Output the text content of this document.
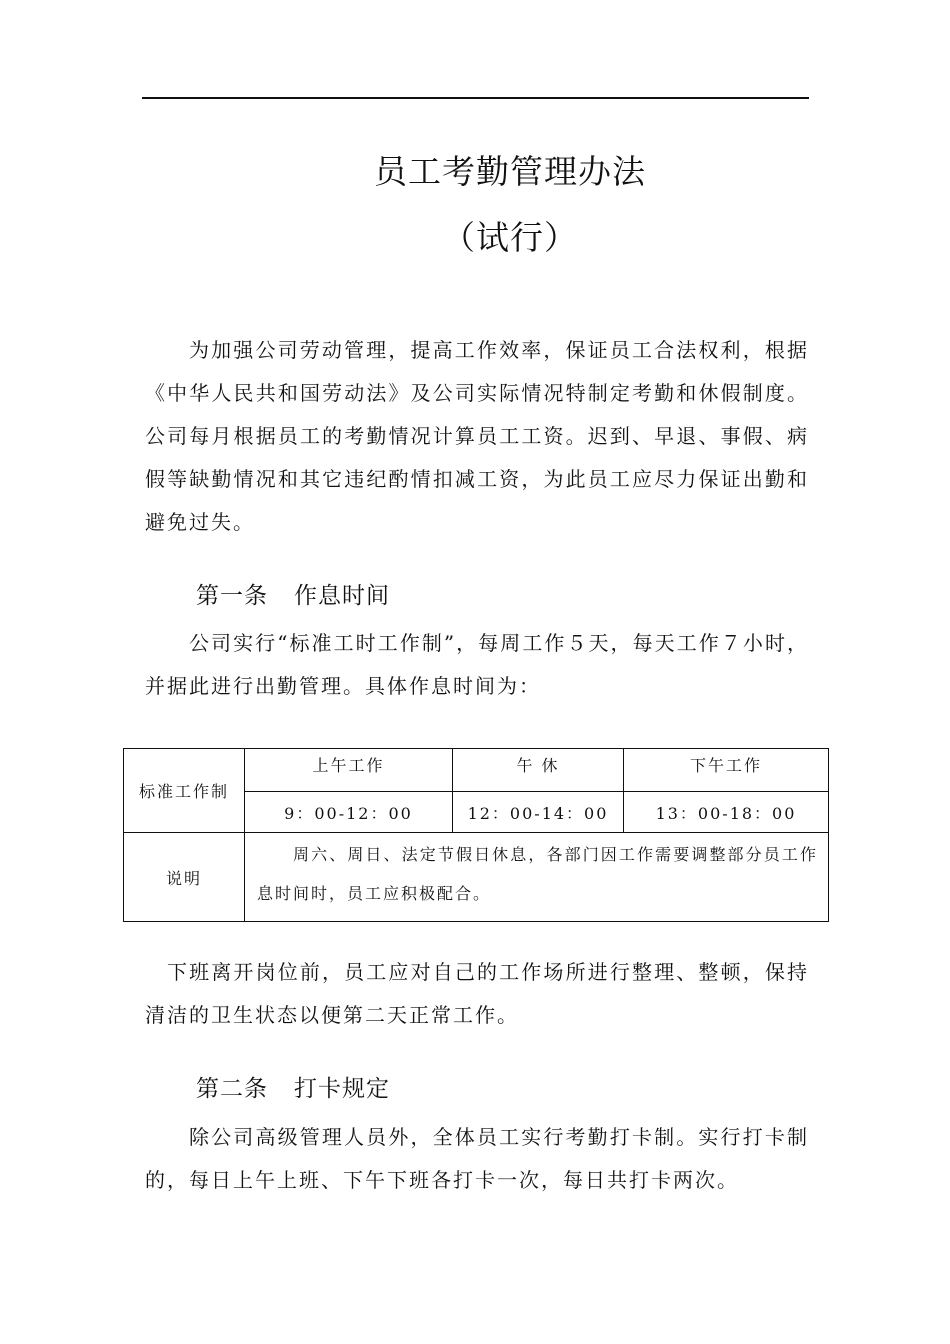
员工考勤管理办法
（试行）
为加强公司劳动管理，提高工作效率，保证员工合法权利，根据《中华人民共和国劳动法》及公司实际情况特制定考勤和休假制度。公司每月根据员工的考勤情况计算员工工资。迟到、早退、事假、病假等缺勤情况和其它违纪酌情扣减工资，为此员工应尽力保证出勤和避免过失。
第一条 作息时间
公司实行“标准工时工作制”，每周工作５天，每天工作７小时，并据此进行出勤管理。具体作息时间为：
标准工作制	上午工作	午 休	下午工作
	9：00-12：00	12：00-14：00	13：00-18：00
说明	周六、周日、法定节假日休息，各部门因工作需要调整部分员工作息时间时，员工应积极配合。		
下班离开岗位前，员工应对自己的工作场所进行整理、整顿，保持清洁的卫生状态以便第二天正常工作。
第二条 打卡规定
除公司高级管理人员外，全体员工实行考勤打卡制。实行打卡制的，每日上午上班、下午下班各打卡一次，每日共打卡两次。
